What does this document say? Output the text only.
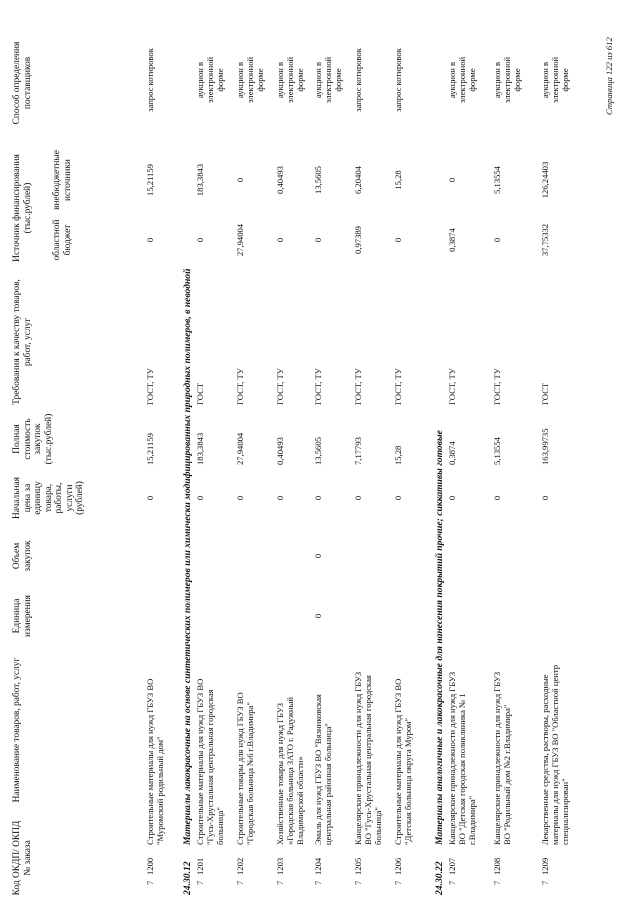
Код ОКДП/ ОКПД № заказа
Наименование товаров, работ, услуг
Единица измерения
Объем закупок
Начальная цена за единицу товара, работы, услуги (рублей)
Полная стоимость закупок (тыс.рублей)
Требования к качеству товаров, работ, услуг
Источник финансирования (тыс.рублей)
областной бюджет
внебюджетные источники
Способ определения поставщиков
7
1200
Строительные материалы для нужд ГБУЗ ВО "Муромский родильный дом"
0
15,21159
ГОСТ, ТУ
0
15,21159
запрос котировок
24.30.12
Материалы лакокрасочные на основе синтетических полимеров или химически модифицированных природных полимеров, в неводной
7
1201
Строительные материалы для нужд ГБУЗ ВО "Гусь-Хрустальная центральная городская больница"
0
183,3843
ГОСТ
0
183,3843
аукцион в электронной форме
7
1202
Строительные товары для нужд ГБУЗ ВО "Городская больница №6 г.Владимира"
0
27,94004
ГОСТ, ТУ
27,94004
0
аукцион в электронной форме
7
1203
Хозяйственные товары для нужд ГБУЗ «Городская больница ЗАТО г. Радужный Владимирской области»
0
0,40493
ГОСТ, ТУ
0
0,40493
аукцион в электронной форме
7
1204
Эмаль для нужд ГБУЗ ВО "Вязниковская центральная районная больница"
0
0
0
13,5605
ГОСТ, ТУ
0
13,5605
аукцион в электронной форме
7
1205
Канцелярские принадлежности для нужд ГБУЗ ВО "Гусь-Хрустальная центральная городская больница"
0
7,17793
ГОСТ, ТУ
0,97389
6,20404
запрос котировок
7
1206
Строительные материалы для нужд ГБУЗ ВО "Детская больница округа Муром"
0
15,28
ГОСТ, ТУ
0
15,28
запрос котировок
24.30.22
Материалы аналогичные и лакокрасочные для нанесения покрытий прочие; сиккативы готовые
7
1207
Канцелярские принадлежности для нужд ГБУЗ ВО "Детская городская поликлиника № 1 г.Владимира"
0
0,3874
ГОСТ, ТУ
0,3874
0
аукцион в электронной форме
7
1208
Канцелярские принадлежности для нужд ГБУЗ ВО "Родильный дом №2 г.Владимира"
0
5,13554
ГОСТ, ТУ
0
5,13554
аукцион в электронной форме
7
1209
Лекарственные средства, растворы, расходные материалы для нужд ГБУЗ ВО "Областной центр специализирован"
0
163,99735
ГОСТ
37,75332
126,24403
аукцион в электронной форме	Страница 122 из 612
